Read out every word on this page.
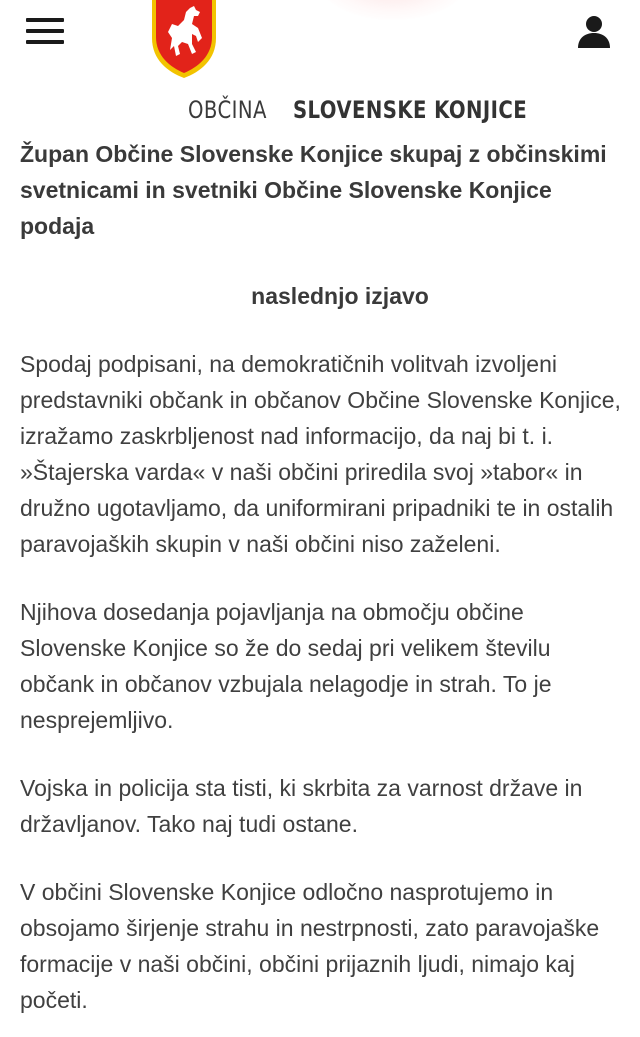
OBČINA SLOVENSKE KONJICE

Župan Občine Slovenske Konjice skupaj z občinskimi svetnicami in svetniki Občine Slovenske Konjice podaja

naslednjo izjavo

Spodaj podpisani, na demokratičnih volitvah izvoljeni predstavniki občank in občanov Občine Slovenske Konjice, izražamo zaskrbljenost nad informacijo, da naj bi t. i. »Štajerska varda« v naši občini priredila svoj »tabor« in družno ugotavljamo, da uniformirani pripadniki te in ostalih paravojaških skupin v naši občini niso zaželeni.

Njihova dosedanja pojavljanja na območju občine Slovenske Konjice so že do sedaj pri velikem številu občank in občanov vzbujala nelagodje in strah. To je nesprejemljivo.

Vojska in policija sta tisti, ki skrbita za varnost države in državljanov. Tako naj tudi ostane.

V občini Slovenske Konjice odločno nasprotujemo in obsojamo širjenje strahu in nestrpnosti, zato paravojaške formacije v naši občini, občini prijaznih ljudi, nimajo kaj početi.
